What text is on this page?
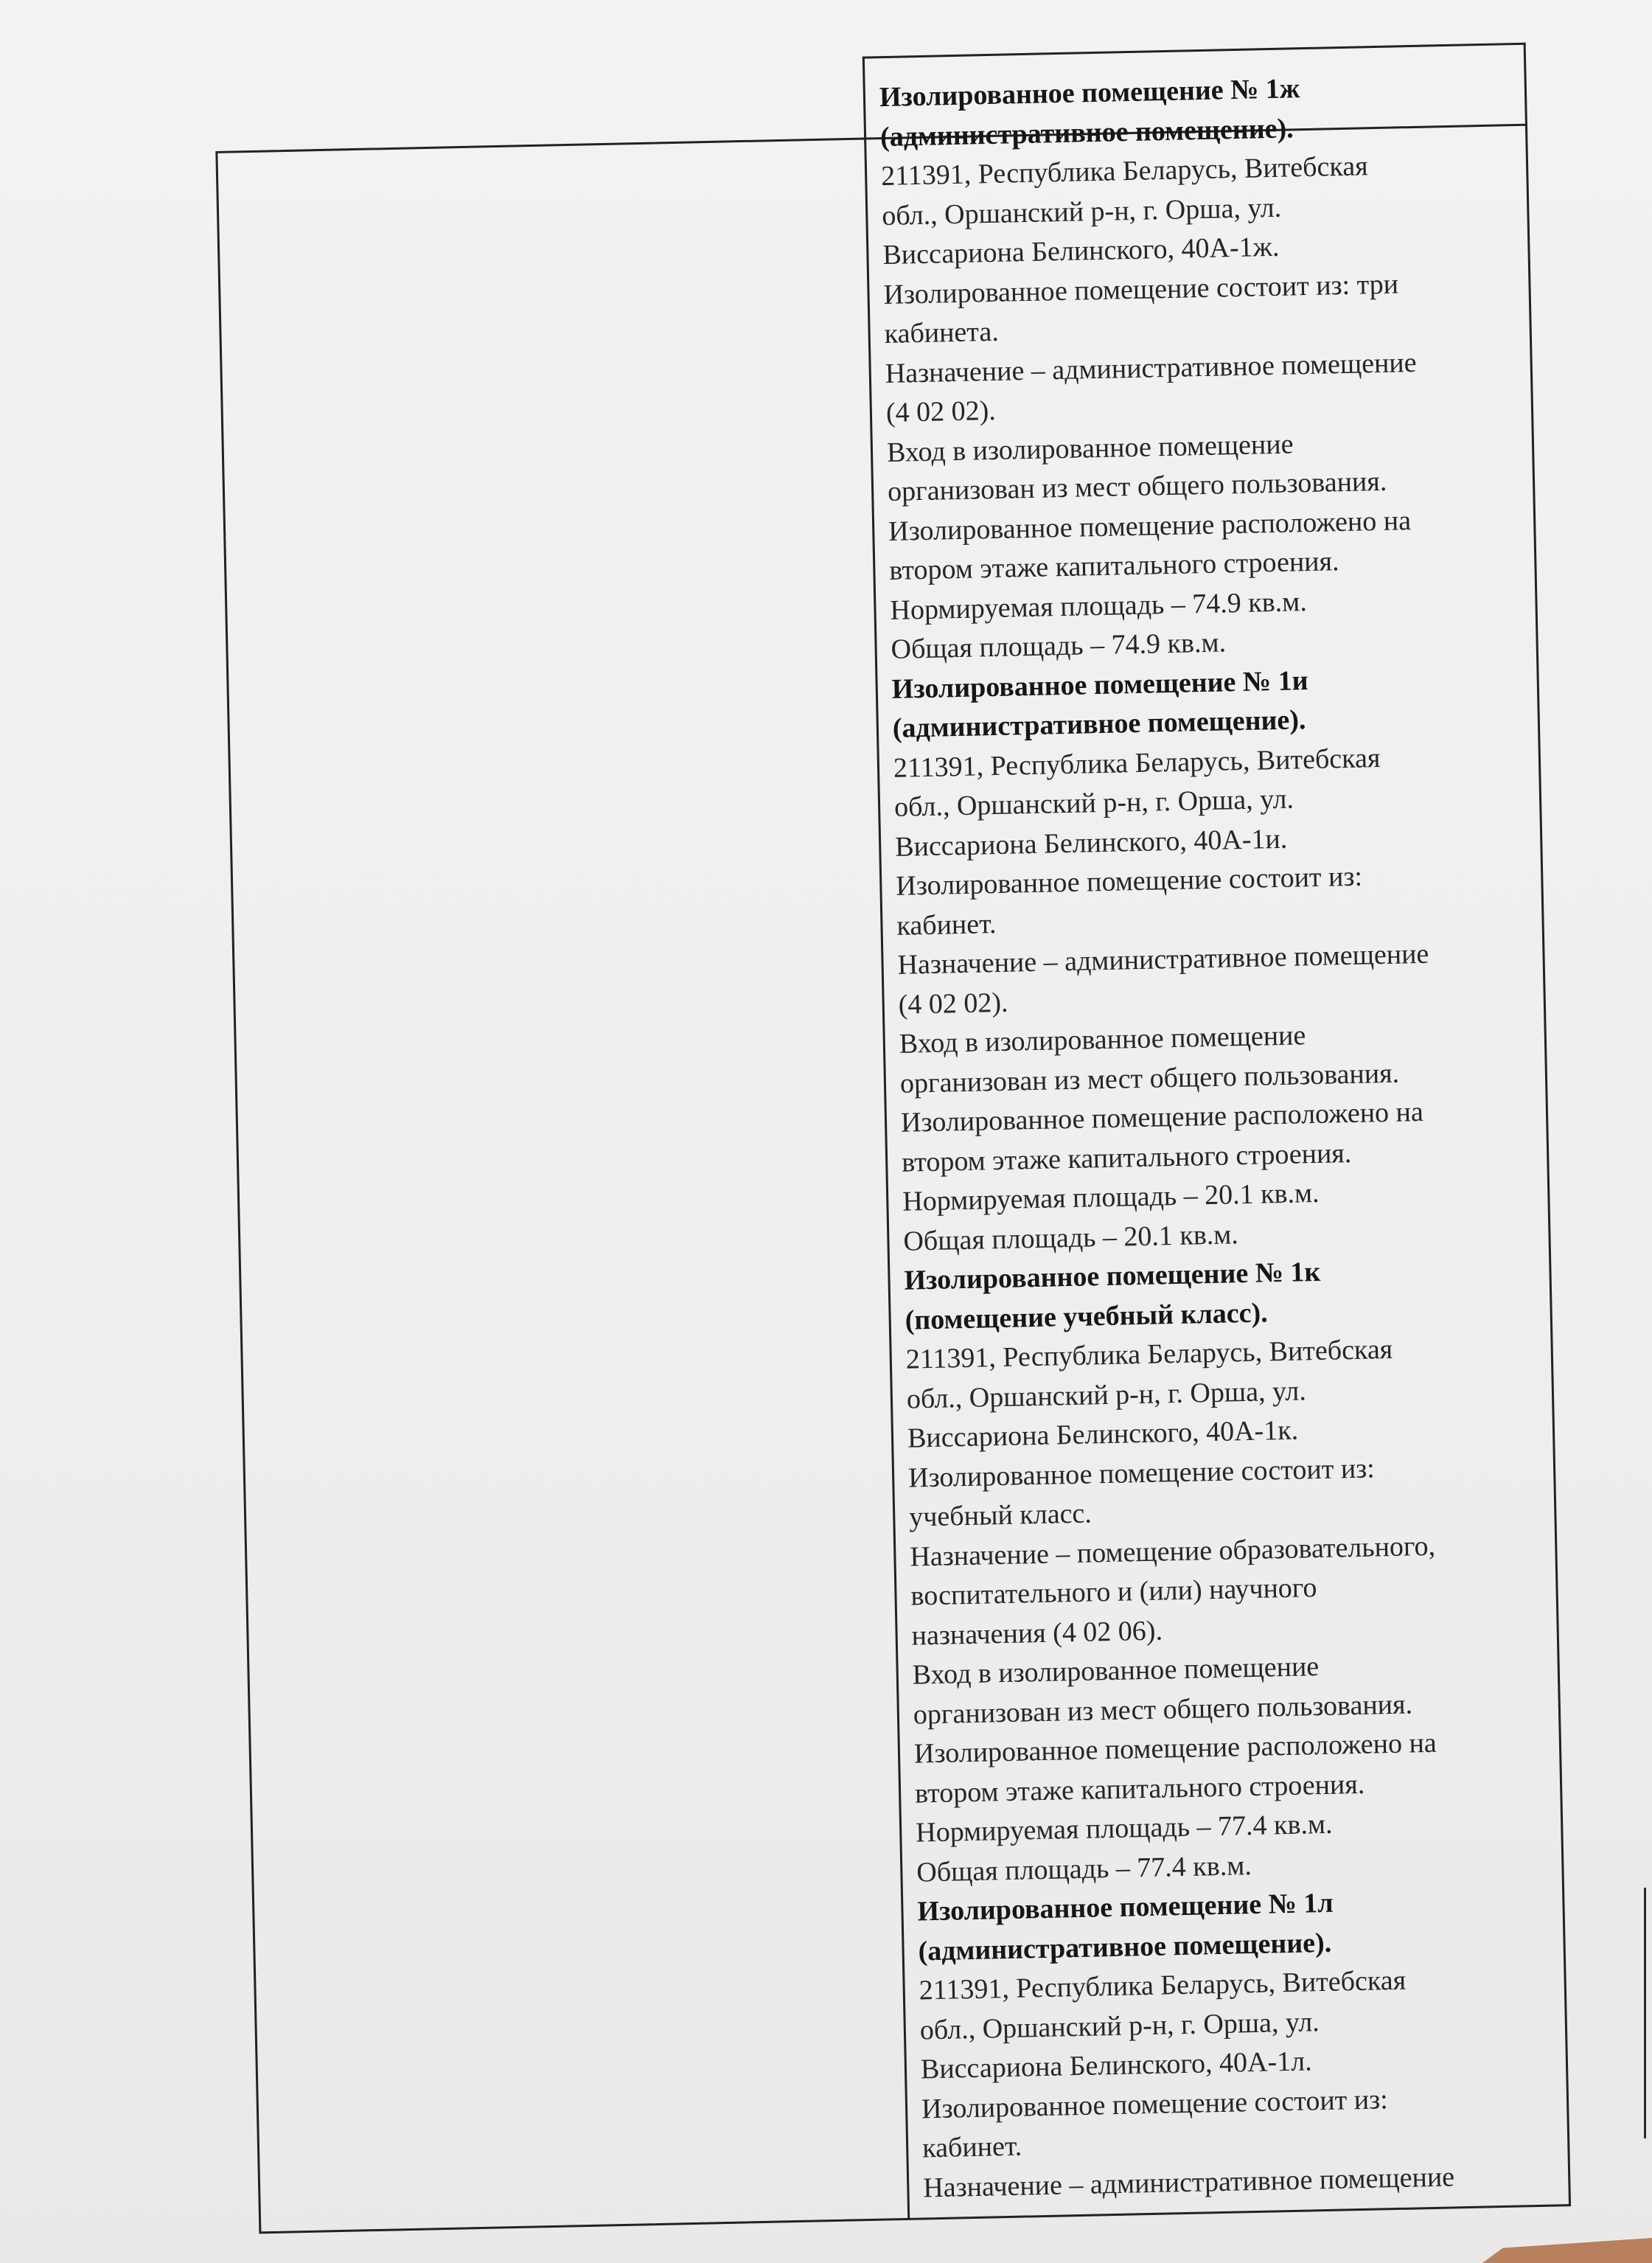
Изолированное помещение № 1ж
(административное помещение).
211391, Республика Беларусь, Витебская
обл., Оршанский р-н, г. Орша, ул.
Виссариона Белинского, 40А-1ж.
Изолированное помещение состоит из: три
кабинета.
Назначение – административное помещение
(4 02 02).
Вход в изолированное помещение
организован из мест общего пользования.
Изолированное помещение расположено на
втором этаже капитального строения.
Нормируемая площадь – 74.9 кв.м.
Общая площадь – 74.9 кв.м.
Изолированное помещение № 1и
(административное помещение).
211391, Республика Беларусь, Витебская
обл., Оршанский р-н, г. Орша, ул.
Виссариона Белинского, 40А-1и.
Изолированное помещение состоит из:
кабинет.
Назначение – административное помещение
(4 02 02).
Вход в изолированное помещение
организован из мест общего пользования.
Изолированное помещение расположено на
втором этаже капитального строения.
Нормируемая площадь – 20.1 кв.м.
Общая площадь – 20.1 кв.м.
Изолированное помещение № 1к
(помещение учебный класс).
211391, Республика Беларусь, Витебская
обл., Оршанский р-н, г. Орша, ул.
Виссариона Белинского, 40А-1к.
Изолированное помещение состоит из:
учебный класс.
Назначение – помещение образовательного,
воспитательного и (или) научного
назначения (4 02 06).
Вход в изолированное помещение
организован из мест общего пользования.
Изолированное помещение расположено на
втором этаже капитального строения.
Нормируемая площадь – 77.4 кв.м.
Общая площадь – 77.4 кв.м.
Изолированное помещение № 1л
(административное помещение).
211391, Республика Беларусь, Витебская
обл., Оршанский р-н, г. Орша, ул.
Виссариона Белинского, 40А-1л.
Изолированное помещение состоит из:
кабинет.
Назначение – административное помещение
